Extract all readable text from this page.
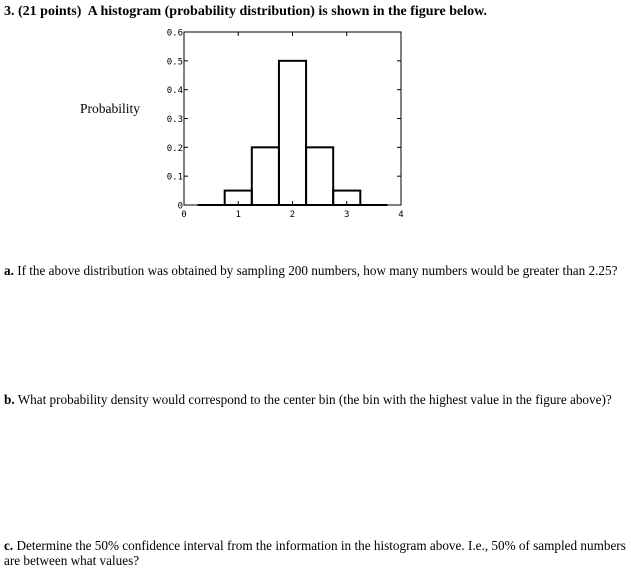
3. (21 points) A histogram (probability distribution) is shown in the figure below.
0
0.1
0.2
0.3
0.4
0.5
0.6
0	1	2	3	4
Probability
a. If the above distribution was obtained by sampling 200 numbers, how many numbers would be greater than 2.25?
b. What probability density would correspond to the center bin (the bin with the highest value in the figure above)?
c. Determine the 50% confidence interval from the information in the histogram above. I.e., 50% of sampled numbers are between what values?
